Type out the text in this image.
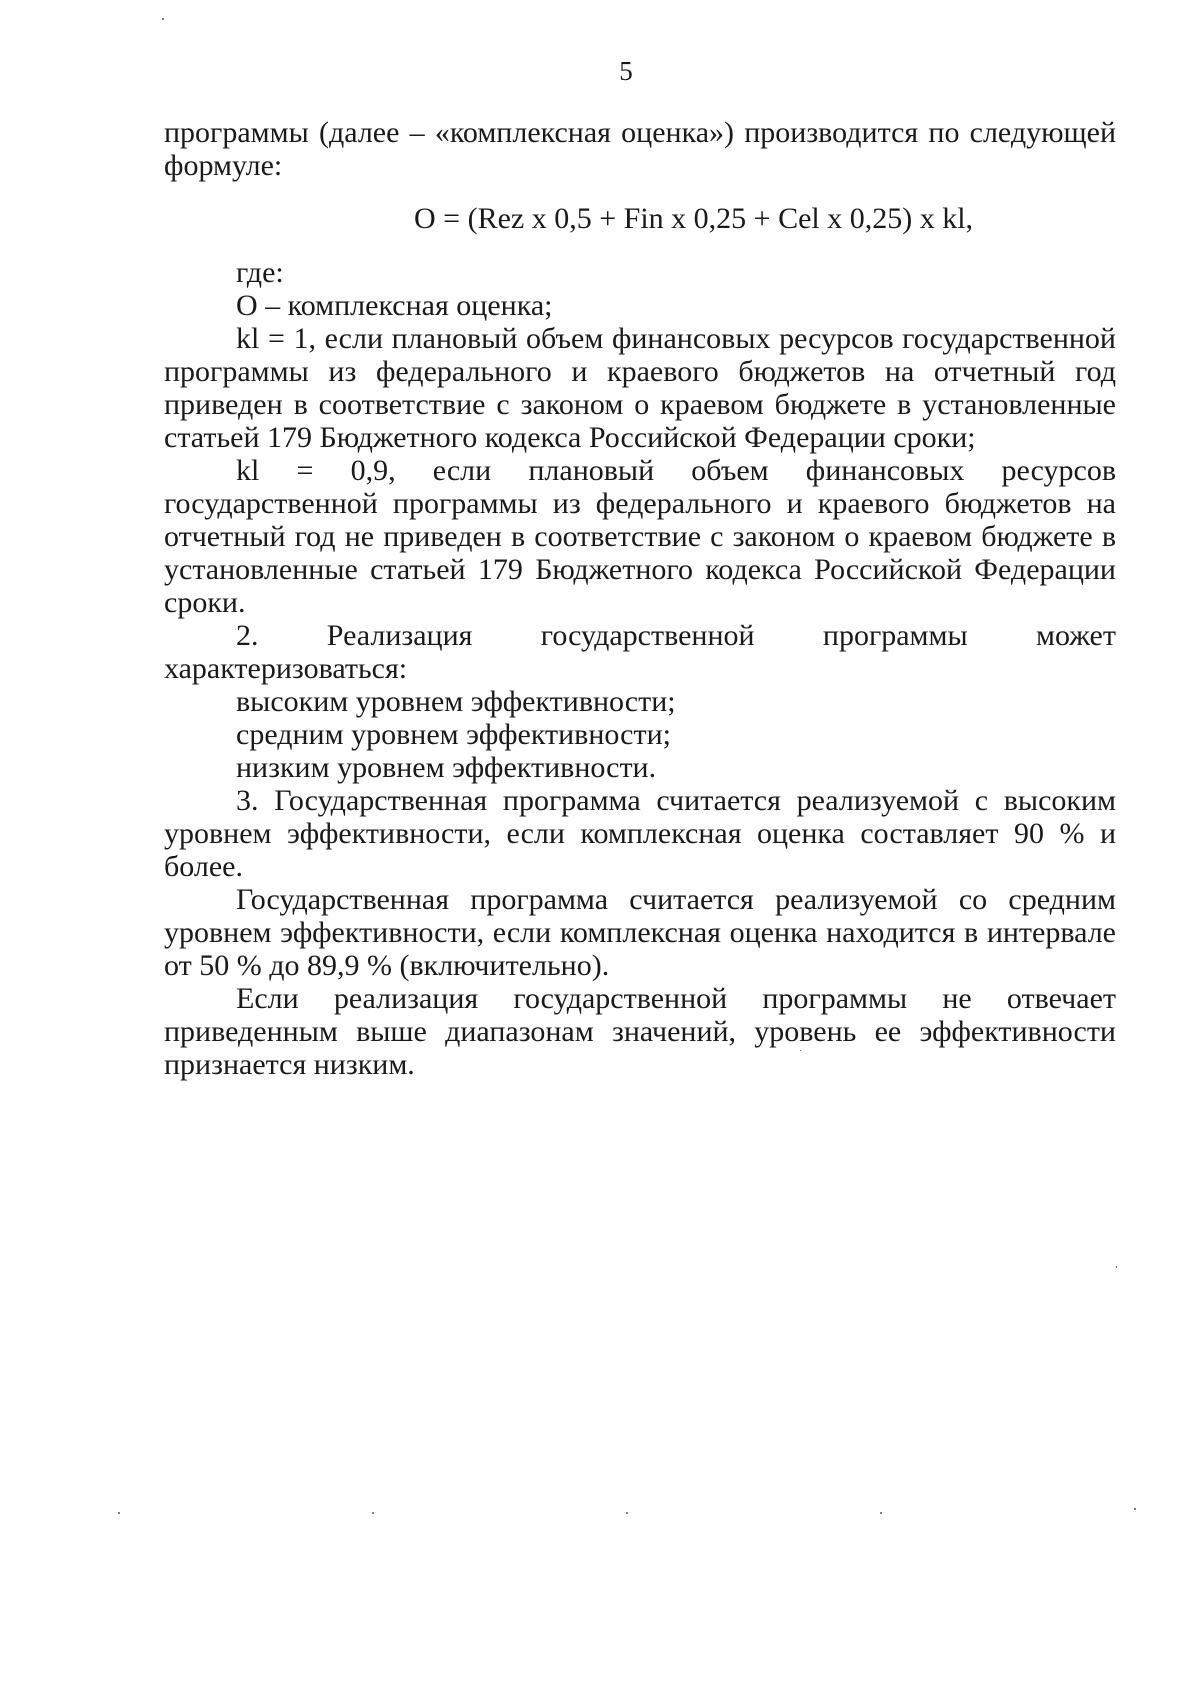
5

программы (далее – «комплексная оценка») производится по следующей формуле:

O = (Rez х 0,5 + Fin х 0,25 + Cel х 0,25) х kl,

где:

О – комплексная оценка;

kl = 1, если плановый объем финансовых ресурсов государственной программы из федерального и краевого бюджетов на отчетный год приведен в соответствие с законом о краевом бюджете в установленные статьей 179 Бюджетного кодекса Российской Федерации сроки;

kl = 0,9, если плановый объем финансовых ресурсов государственной программы из федерального и краевого бюджетов на отчетный год не приведен в соответствие с законом о краевом бюджете в установленные статьей 179 Бюджетного кодекса Российской Федерации сроки.

2. Реализация государственной программы может характеризоваться:

высоким уровнем эффективности;

средним уровнем эффективности;

низким уровнем эффективности.

3. Государственная программа считается реализуемой с высоким уровнем эффективности, если комплексная оценка составляет 90 % и более.

Государственная программа считается реализуемой со средним уровнем эффективности, если комплексная оценка находится в интервале от 50 % до 89,9 % (включительно).

Если реализация государственной программы не отвечает приведенным выше диапазонам значений, уровень ее эффективности признается низким.
